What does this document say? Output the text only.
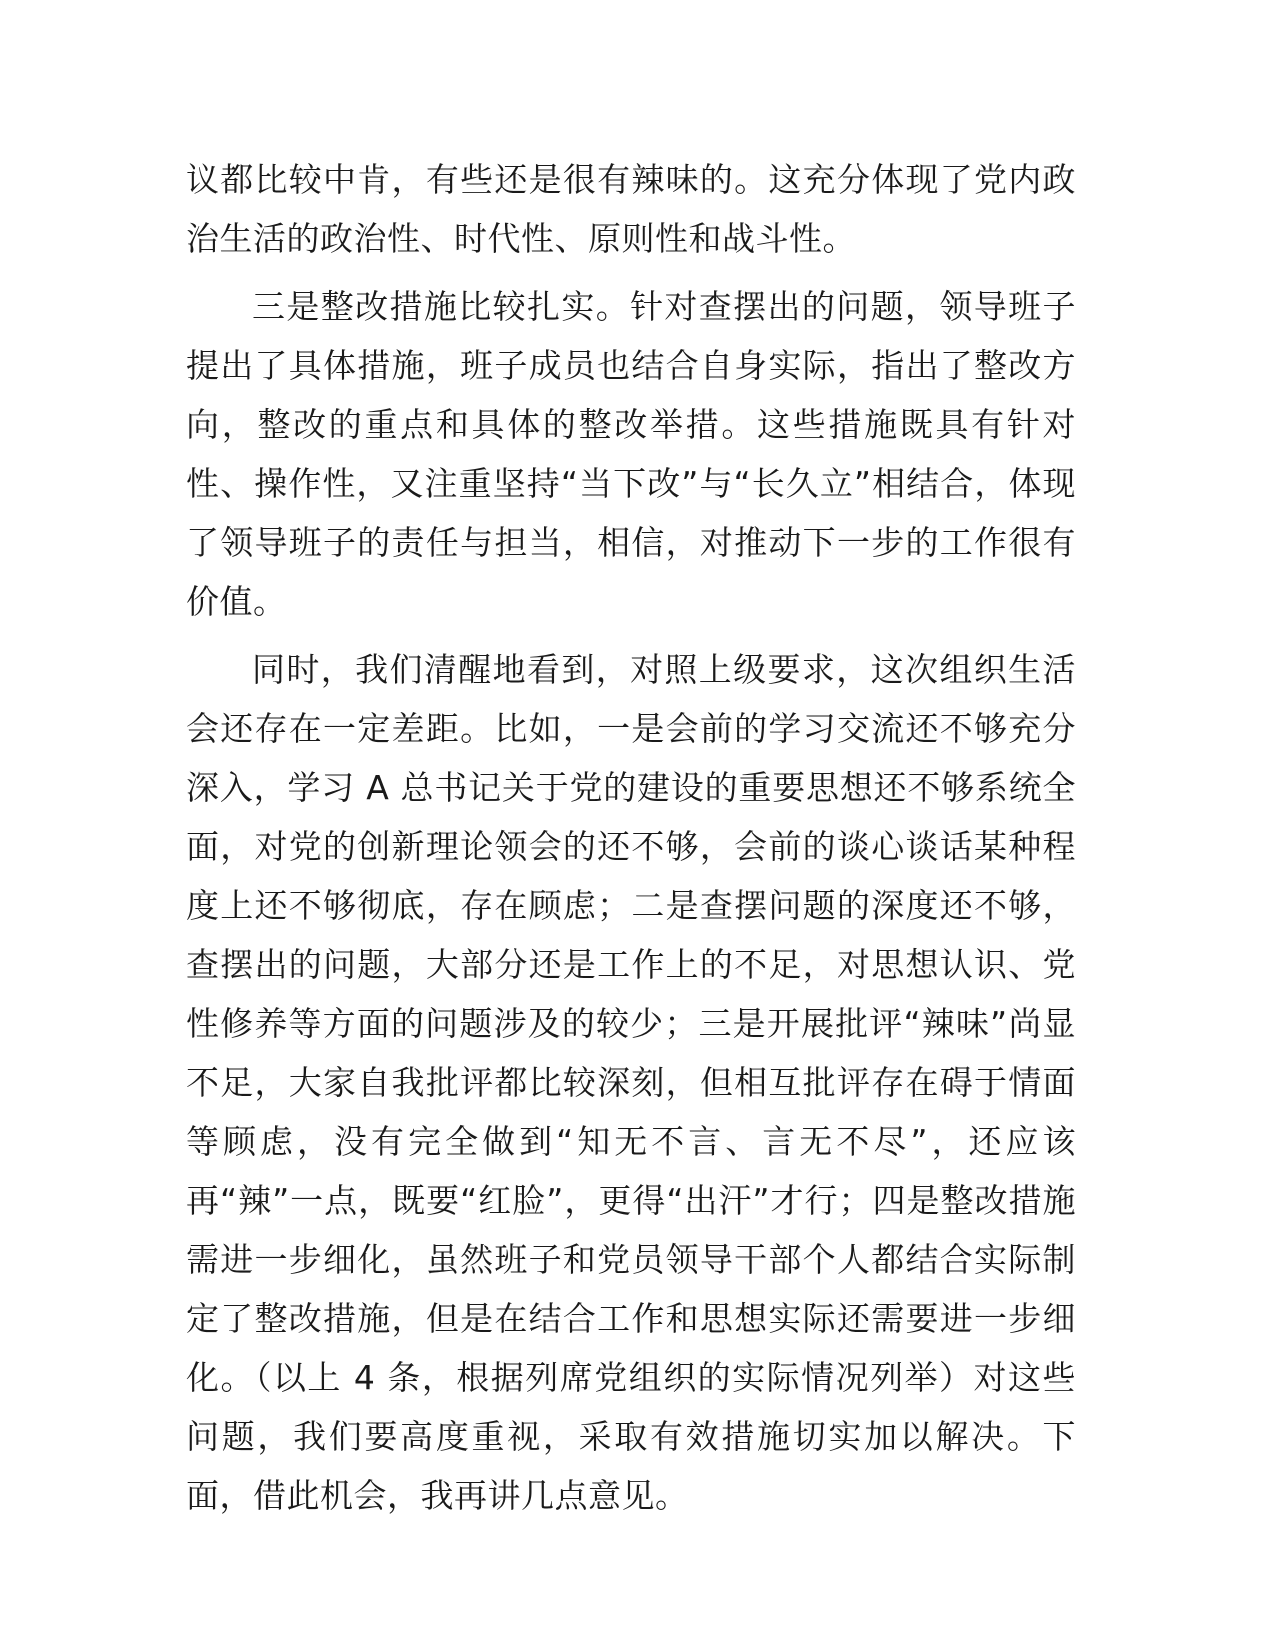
议都比较中肯，有些还是很有辣味的。这充分体现了党内政治生活的政治性、时代性、原则性和战斗性。

三是整改措施比较扎实。针对查摆出的问题，领导班子提出了具体措施，班子成员也结合自身实际，指出了整改方向，整改的重点和具体的整改举措。这些措施既具有针对性、操作性，又注重坚持“当下改”与“长久立”相结合，体现了领导班子的责任与担当，相信，对推动下一步的工作很有价值。

同时，我们清醒地看到，对照上级要求，这次组织生活会还存在一定差距。比如，一是会前的学习交流还不够充分深入，学习 A 总书记关于党的建设的重要思想还不够系统全面，对党的创新理论领会的还不够，会前的谈心谈话某种程度上还不够彻底，存在顾虑；二是查摆问题的深度还不够，查摆出的问题，大部分还是工作上的不足，对思想认识、党性修养等方面的问题涉及的较少；三是开展批评“辣味”尚显不足，大家自我批评都比较深刻，但相互批评存在碍于情面等顾虑，没有完全做到“知无不言、言无不尽”，还应该再“辣”一点，既要“红脸”，更得“出汗”才行；四是整改措施需进一步细化，虽然班子和党员领导干部个人都结合实际制定了整改措施，但是在结合工作和思想实际还需要进一步细化。（以上 4 条，根据列席党组织的实际情况列举）对这些问题，我们要高度重视，采取有效措施切实加以解决。下面，借此机会，我再讲几点意见。
